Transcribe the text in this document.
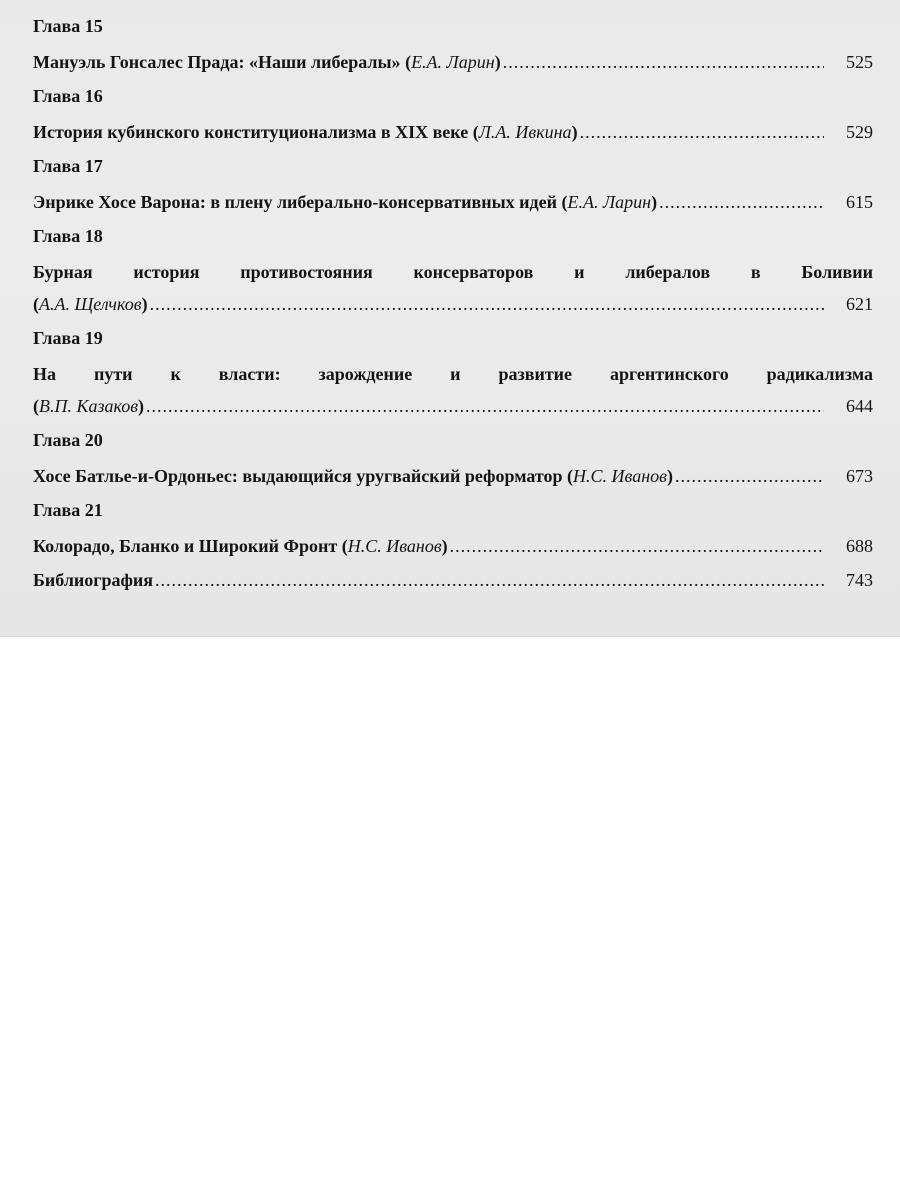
Глава 15
Мануэль Гонсалес Прада: «Наши либералы» (Е.А. Ларин) .....	525
Глава 16
История кубинского конституционализма в XIX веке (Л.А. Ивкина) .....	529
Глава 17
Энрике Хосе Варона: в плену либерально-консервативных идей (Е.А. Ларин) .....	615
Глава 18
Бурная история противостояния консерваторов и либералов в Боливии
(А.А. Щелчков) .....	621
Глава 19
На пути к власти: зарождение и развитие аргентинского радикализма
(В.П. Казаков) .....	644
Глава 20
Хосе Батлье-и-Ордоньес: выдающийся уругвайский реформатор (Н.С. Иванов) .....	673
Глава 21
Колорадо, Бланко и Широкий Фронт (Н.С. Иванов) .....	688
Библиография .....	743
